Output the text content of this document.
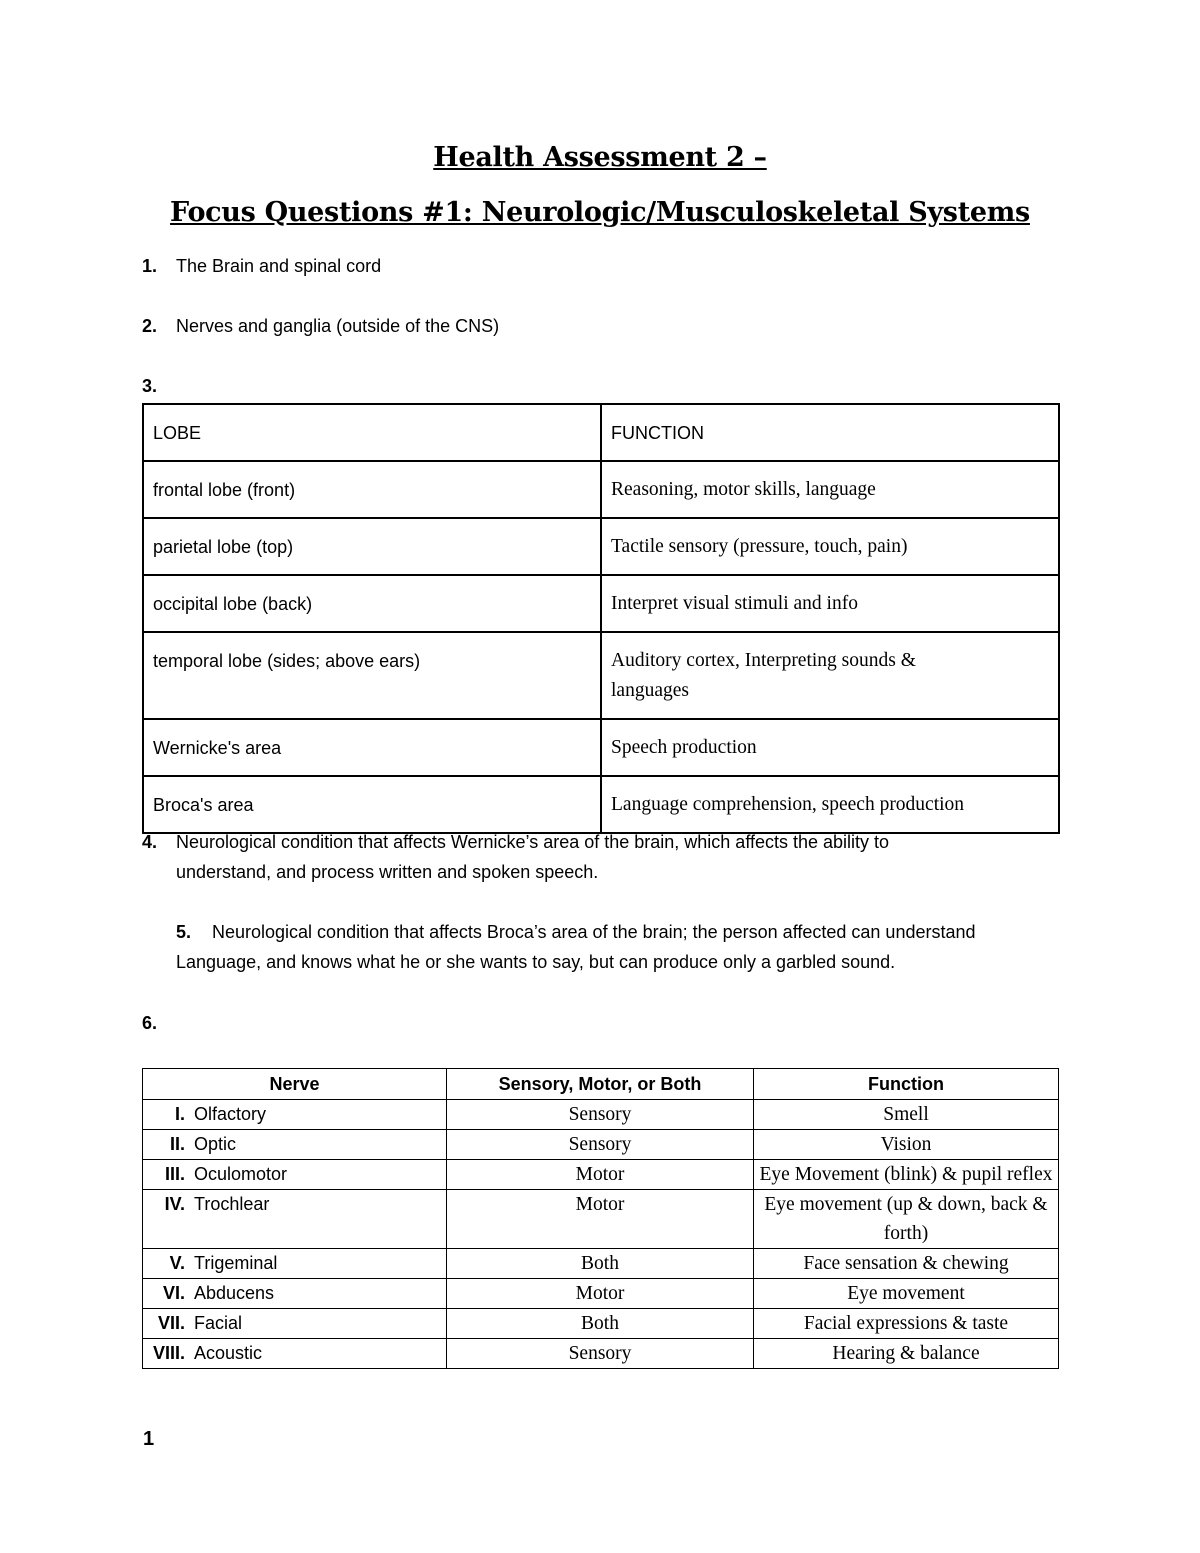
Health Assessment 2 –
Focus Questions #1: Neurologic/Musculoskeletal Systems
1. The Brain and spinal cord
2. Nerves and ganglia (outside of the CNS)
3.
LOBE	FUNCTION
frontal lobe (front)	Reasoning, motor skills, language
parietal lobe (top)	Tactile sensory (pressure, touch, pain)
occipital lobe (back)	Interpret visual stimuli and info
temporal lobe (sides; above ears)	Auditory cortex, Interpreting sounds & languages
Wernicke's area	Speech production
Broca's area	Language comprehension, speech production
4. Neurological condition that affects Wernicke’s area of the brain, which affects the ability to
understand, and process written and spoken speech.
5. Neurological condition that affects Broca’s area of the brain; the person affected can understand
Language, and knows what he or she wants to say, but can produce only a garbled sound.
6.
Nerve	Sensory, Motor, or Both	Function
I. Olfactory	Sensory	Smell
II. Optic	Sensory	Vision
III. Oculomotor	Motor	Eye Movement (blink) & pupil reflex
IV. Trochlear	Motor	Eye movement (up & down, back & forth)
V. Trigeminal	Both	Face sensation & chewing
VI. Abducens	Motor	Eye movement
VII. Facial	Both	Facial expressions & taste
VIII. Acoustic	Sensory	Hearing & balance
1
